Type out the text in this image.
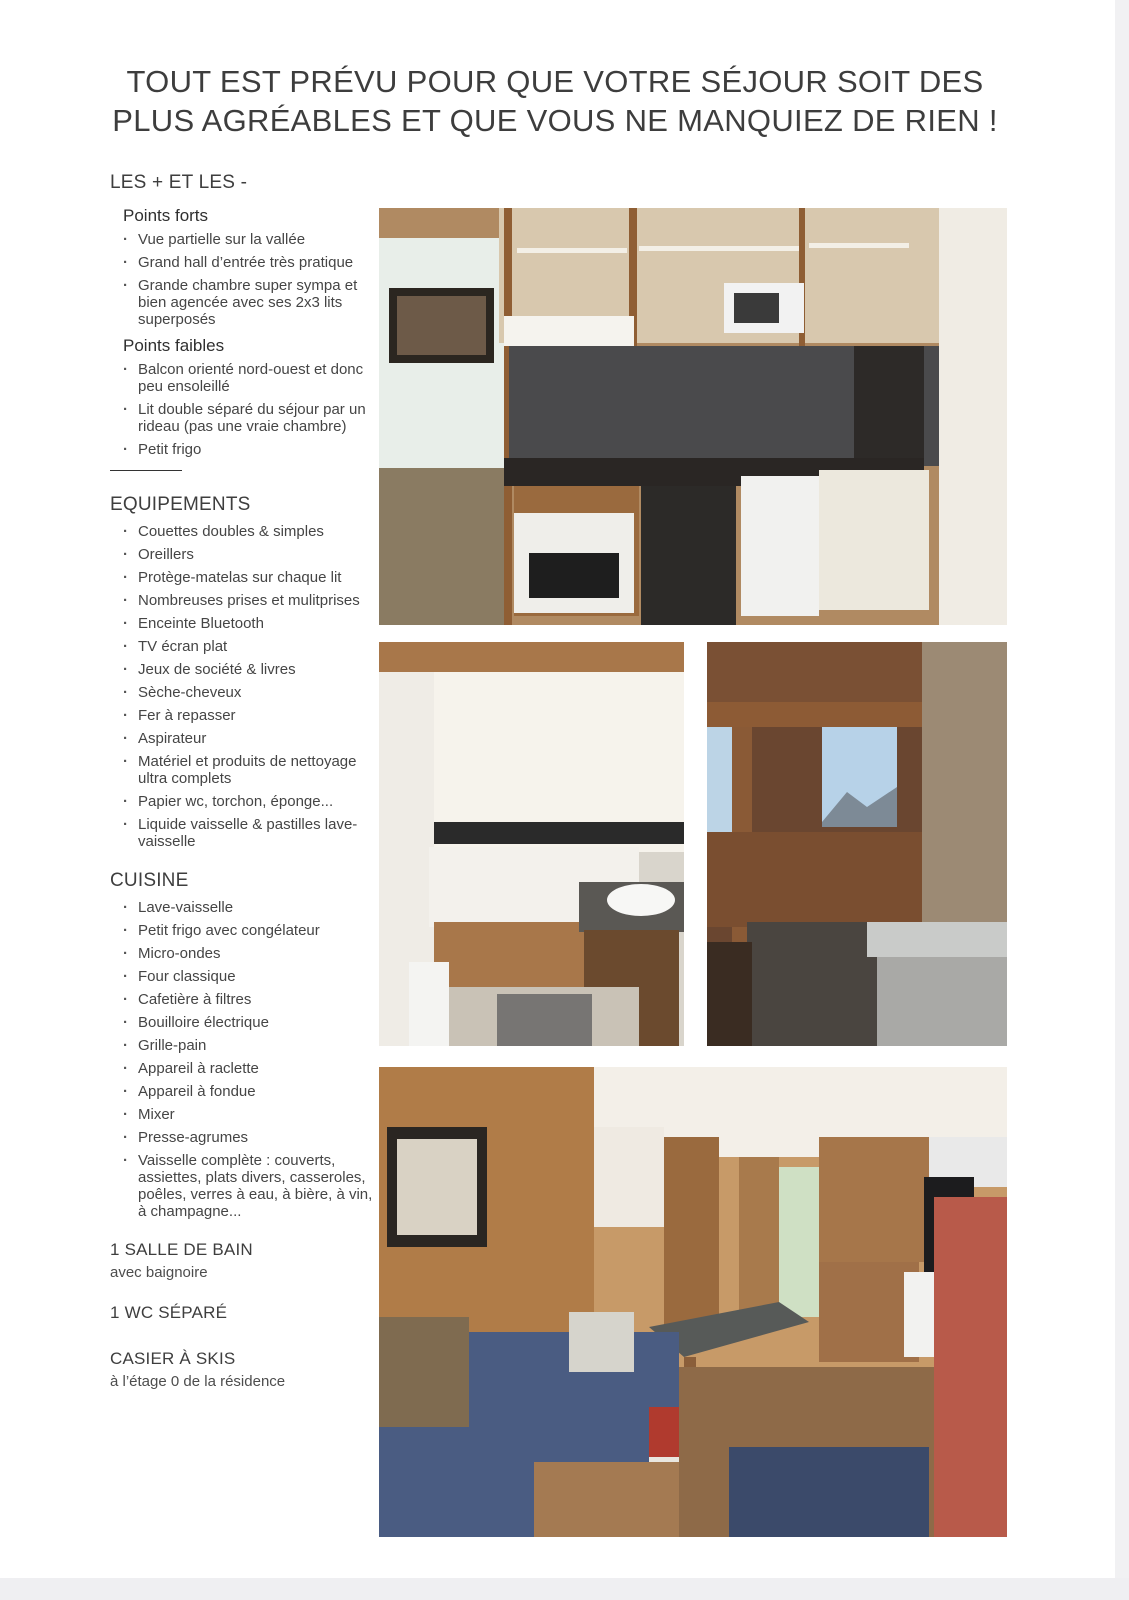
TOUT EST PRÉVU POUR QUE VOTRE SÉJOUR SOIT DES
PLUS AGRÉABLES ET QUE VOUS NE MANQUIEZ DE RIEN !
LES + ET LES -
Points forts
· Vue partielle sur la vallée
· Grand hall d’entrée très pratique
· Grande chambre super sympa et bien agencée avec ses 2x3 lits superposés
Points faibles
· Balcon orienté nord-ouest et donc peu ensoleillé
· Lit double séparé du séjour par un rideau (pas une vraie chambre)
· Petit frigo
EQUIPEMENTS
· Couettes doubles & simples
· Oreillers
· Protège-matelas sur chaque lit
· Nombreuses prises et mulitprises
· Enceinte Bluetooth
· TV écran plat
· Jeux de société & livres
· Sèche-cheveux
· Fer à repasser
· Aspirateur
· Matériel et produits de nettoyage ultra complets
· Papier wc, torchon, éponge...
· Liquide vaisselle & pastilles lave-vaisselle
CUISINE
· Lave-vaisselle
· Petit frigo avec congélateur
· Micro-ondes
· Four classique
· Cafetière à filtres
· Bouilloire électrique
· Grille-pain
· Appareil à raclette
· Appareil à fondue
· Mixer
· Presse-agrumes
· Vaisselle complète : couverts, assiettes, plats divers, casseroles, poêles, verres à eau, à bière, à vin, à champagne...
1 SALLE DE BAIN
avec baignoire
1 WC SÉPARÉ
CASIER À SKIS
à l’étage 0 de la résidence
